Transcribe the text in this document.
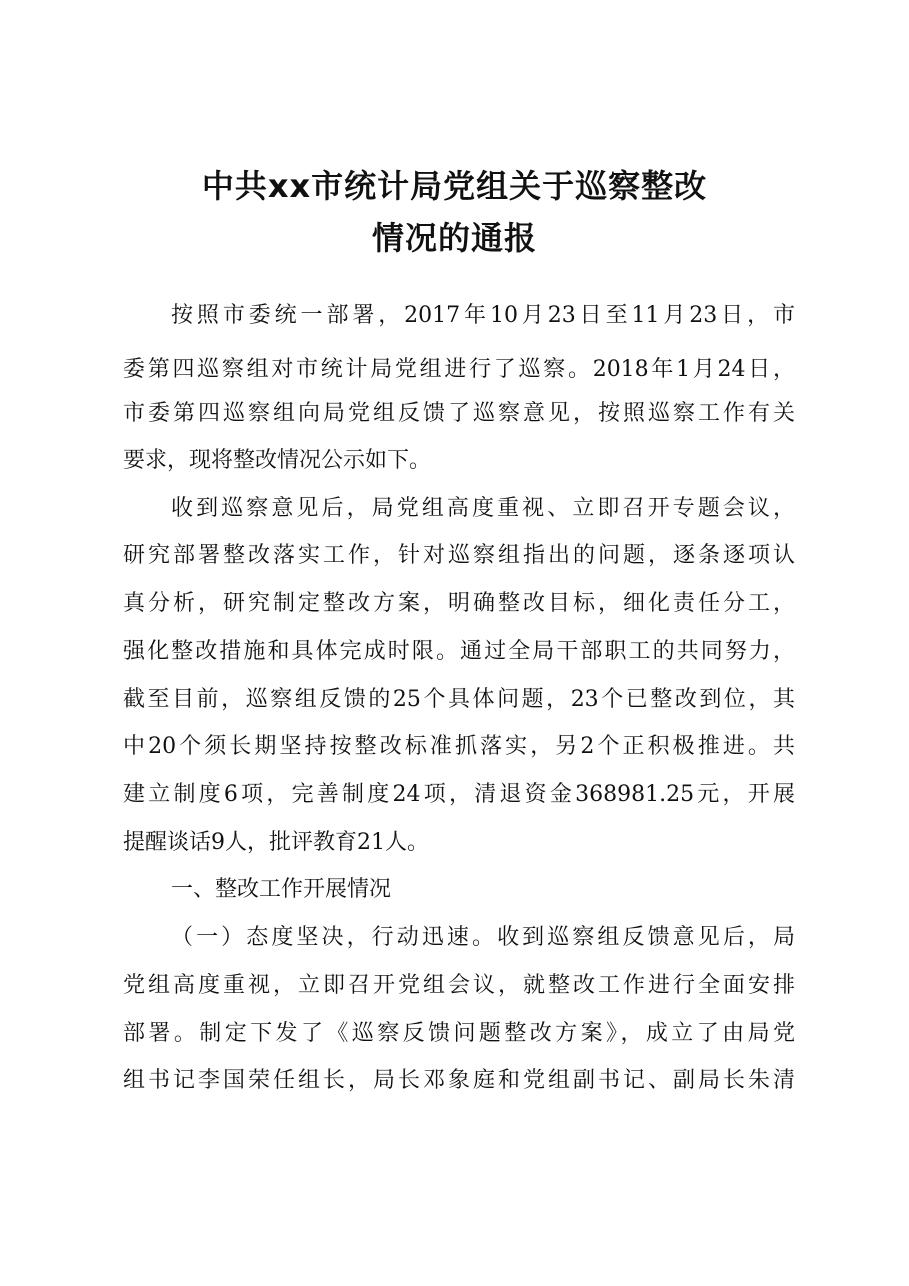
中共xx市统计局党组关于巡察整改
情况的通报
按照市委统一部署，2017年10月23日至11月23日，市
委第四巡察组对市统计局党组进行了巡察。2018年1月24日，
市委第四巡察组向局党组反馈了巡察意见，按照巡察工作有关
要求，现将整改情况公示如下。
收到巡察意见后，局党组高度重视、立即召开专题会议，
研究部署整改落实工作，针对巡察组指出的问题，逐条逐项认
真分析，研究制定整改方案，明确整改目标，细化责任分工，
强化整改措施和具体完成时限。通过全局干部职工的共同努力，
截至目前，巡察组反馈的25个具体问题，23个已整改到位，其
中20个须长期坚持按整改标准抓落实，另2个正积极推进。共
建立制度6项，完善制度24项，清退资金368981.25元，开展
提醒谈话9人，批评教育21人。
一、整改工作开展情况
（一）态度坚决，行动迅速。收到巡察组反馈意见后，局
党组高度重视，立即召开党组会议，就整改工作进行全面安排
部署。制定下发了《巡察反馈问题整改方案》，成立了由局党
组书记李国荣任组长，局长邓象庭和党组副书记、副局长朱清
